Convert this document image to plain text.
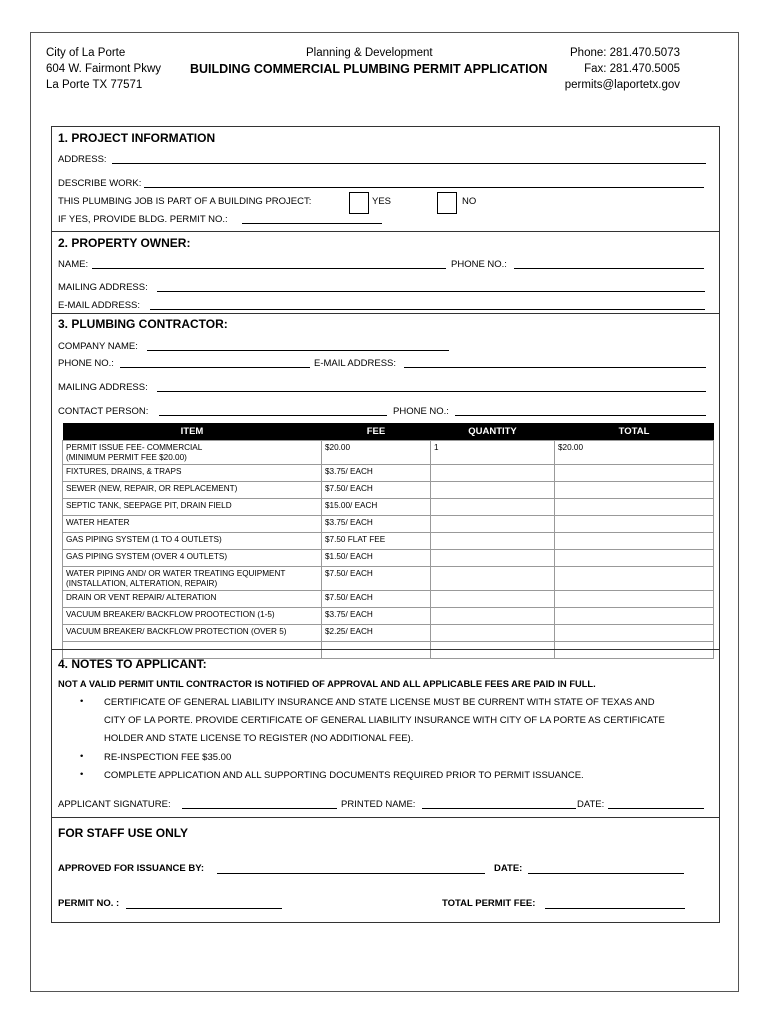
City of La Porte
604 W. Fairmont Pkwy
La Porte TX 77571
Planning & Development
BUILDING COMMERCIAL PLUMBING PERMIT APPLICATION
Phone: 281.470.5073
Fax: 281.470.5005
permits@laportetx.gov
1. PROJECT INFORMATION
ADDRESS:
DESCRIBE WORK:
THIS PLUMBING JOB IS PART OF A BUILDING PROJECT:	YES	NO
IF YES, PROVIDE BLDG. PERMIT NO.:
2. PROPERTY OWNER:
NAME:	PHONE NO.:
MAILING ADDRESS:
E-MAIL ADDRESS:
3. PLUMBING CONTRACTOR:
COMPANY NAME:
PHONE NO.:	E-MAIL ADDRESS:
MAILING ADDRESS:
CONTACT PERSON:	PHONE NO.:
ITEM	FEE	QUANTITY	TOTAL
PERMIT ISSUE FEE- COMMERCIAL
(MINIMUM PERMIT FEE $20.00)	$20.00	1	$20.00
FIXTURES, DRAINS, & TRAPS	$3.75/ EACH		
SEWER (NEW, REPAIR, OR REPLACEMENT)	$7.50/ EACH		
SEPTIC TANK, SEEPAGE PIT, DRAIN FIELD	$15.00/ EACH		
WATER HEATER	$3.75/ EACH		
GAS PIPING SYSTEM (1 TO 4 OUTLETS)	$7.50 FLAT FEE		
GAS PIPING SYSTEM (OVER 4 OUTLETS)	$1.50/ EACH		
WATER PIPING AND/ OR WATER TREATING EQUIPMENT
(INSTALLATION, ALTERATION, REPAIR)	$7.50/ EACH		
DRAIN OR VENT REPAIR/ ALTERATION	$7.50/ EACH		
VACUUM BREAKER/ BACKFLOW PROOTECTION (1-5)	$3.75/ EACH		
VACUUM BREAKER/ BACKFLOW PROTECTION (OVER 5)	$2.25/ EACH		

4. NOTES TO APPLICANT:
NOT A VALID PERMIT UNTIL CONTRACTOR IS NOTIFIED OF APPROVAL AND ALL APPLICABLE FEES ARE PAID IN FULL.
• CERTIFICATE OF GENERAL LIABILITY INSURANCE AND STATE LICENSE MUST BE CURRENT WITH STATE OF TEXAS AND
CITY OF LA PORTE. PROVIDE CERTIFICATE OF GENERAL LIABILITY INSURANCE WITH CITY OF LA PORTE AS CERTIFICATE
HOLDER AND STATE LICENSE TO REGISTER (NO ADDITIONAL FEE).
• RE-INSPECTION FEE $35.00
• COMPLETE APPLICATION AND ALL SUPPORTING DOCUMENTS REQUIRED PRIOR TO PERMIT ISSUANCE.
APPLICANT SIGNATURE:	PRINTED NAME:	DATE:
FOR STAFF USE ONLY
APPROVED FOR ISSUANCE BY:	DATE:
PERMIT NO. :	TOTAL PERMIT FEE:
